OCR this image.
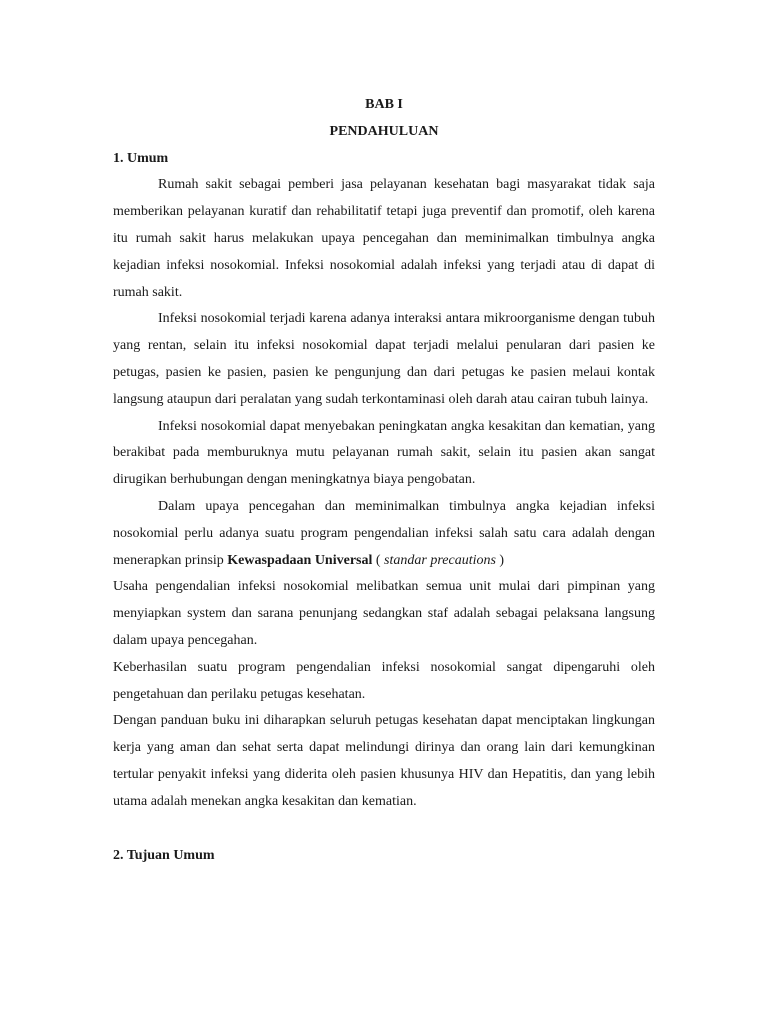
BAB I
PENDAHULUAN
1. Umum

Rumah sakit sebagai pemberi jasa pelayanan kesehatan bagi masyarakat tidak saja memberikan pelayanan kuratif dan rehabilitatif tetapi juga preventif dan promotif, oleh karena itu rumah sakit harus melakukan upaya pencegahan dan meminimalkan timbulnya angka kejadian infeksi nosokomial. Infeksi nosokomial adalah infeksi yang terjadi atau di dapat di rumah sakit.

Infeksi nosokomial terjadi karena adanya interaksi antara mikroorganisme dengan tubuh yang rentan, selain itu infeksi nosokomial dapat terjadi melalui penularan dari pasien ke petugas, pasien ke pasien, pasien ke pengunjung dan dari petugas ke pasien melaui kontak langsung ataupun dari peralatan yang sudah terkontaminasi oleh darah atau cairan tubuh lainya.

Infeksi nosokomial dapat menyebakan peningkatan angka kesakitan dan kematian, yang berakibat pada memburuknya mutu pelayanan rumah sakit, selain itu pasien akan sangat dirugikan berhubungan dengan meningkatnya biaya pengobatan.

Dalam upaya pencegahan dan meminimalkan timbulnya angka kejadian infeksi nosokomial perlu adanya suatu program pengendalian infeksi salah satu cara adalah dengan menerapkan prinsip Kewaspadaan Universal ( standar precautions )

Usaha pengendalian infeksi nosokomial melibatkan semua unit mulai dari pimpinan yang menyiapkan system dan sarana penunjang sedangkan staf adalah sebagai pelaksana langsung dalam upaya pencegahan.

Keberhasilan suatu program pengendalian infeksi nosokomial sangat dipengaruhi oleh pengetahuan dan perilaku petugas kesehatan.

Dengan panduan buku ini diharapkan seluruh petugas kesehatan dapat menciptakan lingkungan kerja yang aman dan sehat serta dapat melindungi dirinya dan orang lain dari kemungkinan tertular penyakit infeksi yang diderita oleh pasien khusunya HIV dan Hepatitis, dan yang lebih utama adalah menekan angka kesakitan dan kematian.

2. Tujuan Umum
